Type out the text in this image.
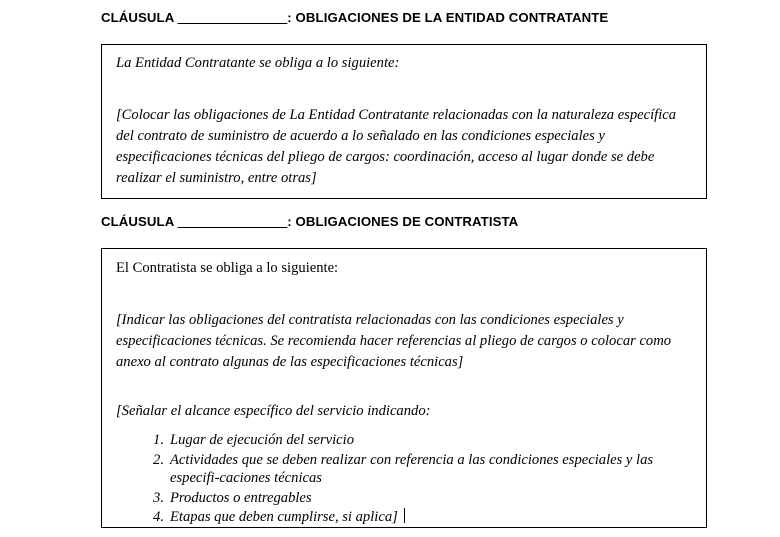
CLÁUSULA ______________: OBLIGACIONES DE LA ENTIDAD CONTRATANTE
La Entidad Contratante se obliga a lo siguiente:
[Colocar las obligaciones de La Entidad Contratante relacionadas con la naturaleza específica del contrato de suministro de acuerdo a lo señalado en las condiciones especiales y especificaciones técnicas del pliego de cargos: coordinación, acceso al lugar donde se debe realizar el suministro, entre otras]
CLÁUSULA ______________: OBLIGACIONES DE CONTRATISTA
El Contratista se obliga a lo siguiente:
[Indicar las obligaciones del contratista relacionadas con las condiciones especiales y especificaciones técnicas. Se recomienda hacer referencias al pliego de cargos o colocar como anexo al contrato algunas de las especificaciones técnicas]
[Señalar el alcance específico del servicio indicando:
1. Lugar de ejecución del servicio
2. Actividades que se deben realizar con referencia a las condiciones especiales y las especifi-caciones técnicas
3. Productos o entregables
4. Etapas que deben cumplirse, si aplica]
